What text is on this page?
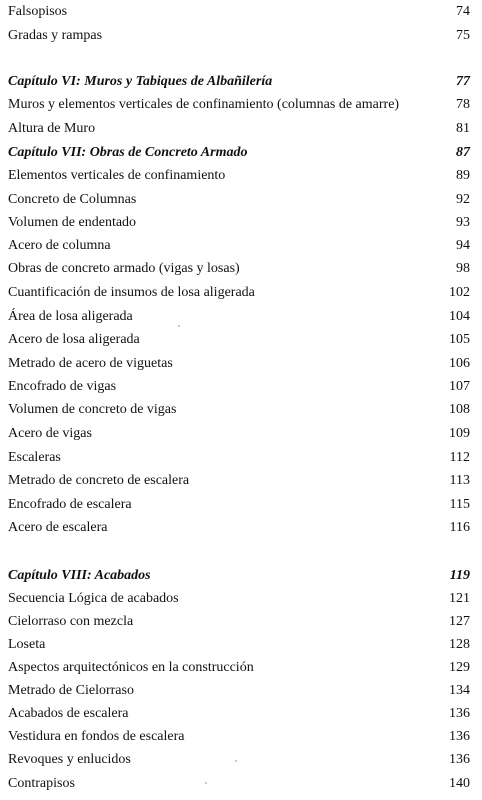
Falsopisos	74
Gradas y rampas	75
Capítulo VI: Muros y Tabiques de Albañilería	77
Muros y elementos verticales de confinamiento (columnas de amarre)	78
Altura de Muro	81
Capítulo VII: Obras de Concreto Armado	87
Elementos verticales de confinamiento	89
Concreto de Columnas	92
Volumen de endentado	93
Acero de columna	94
Obras de concreto armado (vigas y losas)	98
Cuantificación de insumos de losa aligerada	102
Área de losa aligerada	104
Acero de losa aligerada	105
Metrado de acero de viguetas	106
Encofrado de vigas	107
Volumen de concreto de vigas	108
Acero de vigas	109
Escaleras	112
Metrado de concreto de escalera	113
Encofrado de escalera	115
Acero de escalera	116
Capítulo VIII: Acabados	119
Secuencia Lógica de acabados	121
Cielorraso con mezcla	127
Loseta	128
Aspectos arquitectónicos en la construcción	129
Metrado de Cielorraso	134
Acabados de escalera	136
Vestidura en fondos de escalera	136
Revoques y enlucidos	136
Contrapisos	140
